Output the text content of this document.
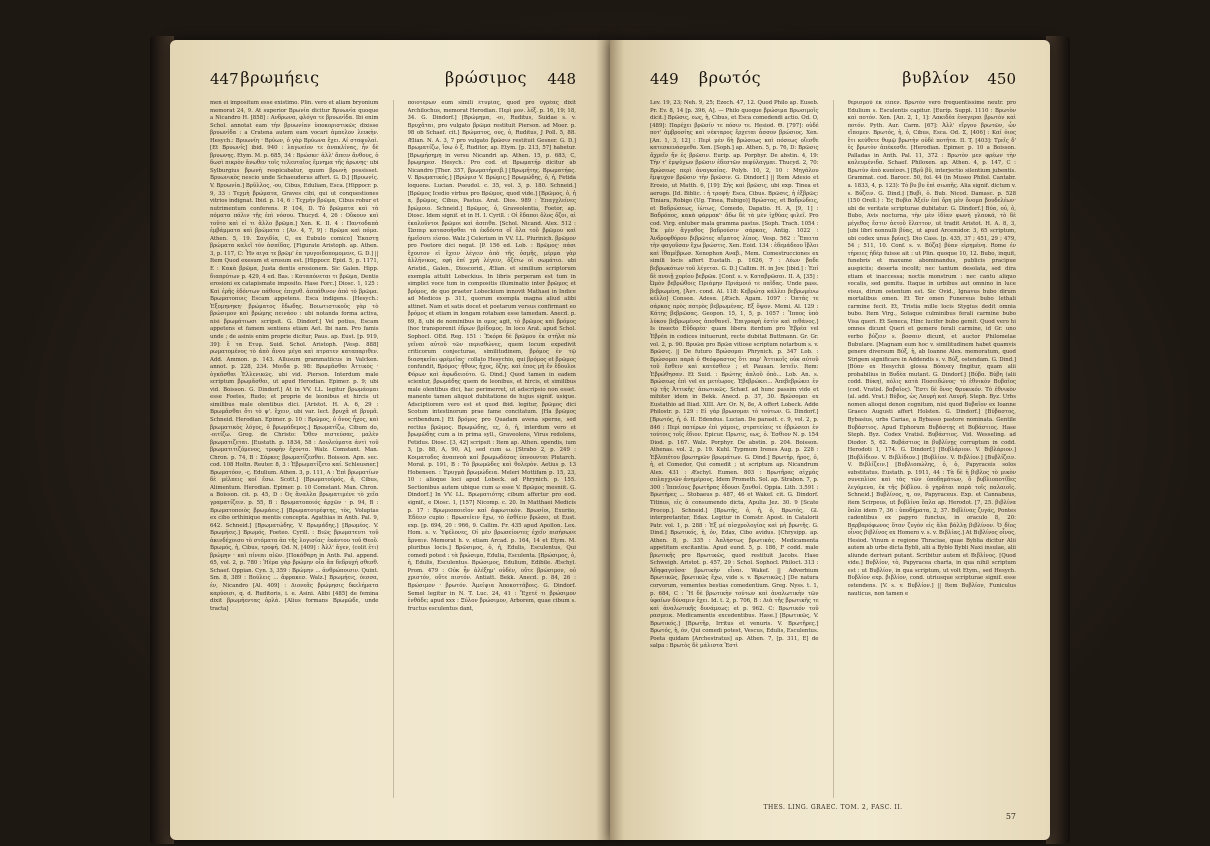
447 βρωμήεις	βρώσιμος	448

men ei impositum esse existimo. Plin. vero et aliam bryonium memorat 24, 9. At superior Βρωνία dicitur Βρυωνία quoque a Nicandro H. [858] : Ανδρωνα, φλόγα τε βρυωνίδα. Ibi enim Schol. annotat eam τὴν βρυωνίαν ὑποκοριστικῶς dixisse βρυωνίδα : a Cratena autem eam vocari ἀμπελον λευκὴν. Hesych.: Βρυωνίη · Βρύων, ὁ γὰρ Βρύωνα ἔχει. Αί σταφυλαὶ. [Et Βρυωνίς] ibid. 940 : λαγωείον τε ἀνακλίνας, ἦν δὲ βρυωνης. Etym. M. p. 685, 34 : Βρώσκε· ἀλλ' ἅπειν ἄνθους, ὁ δωσὶ πικρὸν ἄνωθεν τοῖς τελευταῖος ἔμνημα τῆς ἀρωνης· ubi Sylburgius βρωνὴ respicabatur, quum βρωνὴ possisset. Βρυωνικὸς nescio unde Schaeuderus affert. G. D.] [Βρυωνίς. V. Βρυωνία.] Βρῦλλος, -ου, Cibus, Eduliam, Esca. [Hippocr. p. 9, 33 : Τεχμὴ βρώματα, Graves cibi, qui ut conquestiones vitrios indignat. Ibid. p. 14, 6 : Τεχμὴν βρῶμα, Cibus robur et nutrimentum conferens. P. 104, D. Τὸ βρῶματα καὶ τὰ πόματα πάλιν τῆς ἐπὶ νόσου. Thucyd. 4, 26 : Οὔκουν καὶ τοῦτο καὶ εἰ τι ἄλλο βρῶμα.] Xen. K. II. 4 : Παντοδαπὰ ἐμβάμματα καὶ βρώματα : [Αν. 4, 7, 9] : Βρῶμα καὶ πόμα. Athen. 5, 19. Σαγιδία, C, ex Eubulo comico] Ἐκαστῃ βρώματα καλεῖ τὸν ἀσπίδας. [Figurate Aristoph. ap. Athen. 3, p. 117, C: Ἦν αιγα τε βρῶμ' ἐπ τρυγοιδοπομομενε, G. D.] || Item Quod exesum et erosum est. [Hippocr. Epid. 5, p. 1171, E : Κακὰ βρῶμα, Justa dentis erosionem. Sic Galen. Hipp. διαπρύτων p. 429, 4 ed. Bas. : Καταπόνεται τι βρῶμα, Dentis erosioni ex catapismate imposito. Hase Forc.] Diosc. 1, 125 : Καὶ ἑρῆς ἐδόντων πάθους ἐπιχυθ. ἀσπάθινον ἀπὸ τὸ βρῶμα. Βρωματοπυις Escam appetens. Esca indigens. [Hesych.: Ἐξομηνηκη· βρώματος ἔδωδης. Βοιωτιστικοῦς γὰρ τὸ βρώσιμον καὶ βρώμης πεινάου : ubi notanda forma activa, nisi βρωμάτιωσι scripsit. G. Dindorf.] Vel potius, Escam appetens et famem sentiens etiam Aet. Ibi nam. Pro famis unde ; de asinis enim proprie dicitur, Paus. ap. Eust. [p. 919, 39]: ἔ τα Ετυμ. Suid. Schol. Aristoph. [Vesp. 888] ρωματομένος τὸ ἀπὸ ἄνου μέγα καὶ πτρατεν καταπαριθεν. Add. Ammon. p. 143. Allusum grammatiicus in Valcken. annot. p. 228, 234. Μοιδα p. 98: Βρωμᾶσθαι Ἀττικὸς · ὀγκᾶσθαι Ἑλλενικῶς. ubi vid. Pierson. Interdum male scriptum βρωμᾶσθαι, ut apud Herodian. Epimer. p. 9; ubi vid. Boisson. G. Dindorf.] At in VV. LL. legitur βρωμάομαι esse Foetes, Rudo; et proprie de leonibus et hircis ut similibus male olentibus dici. [Aristot. H. A. 6, 29 : Βρωμᾶσθαι ὅτι τὸ ψ'. ἔχειν, ubi var. lect. βρυχᾶ et βρυμᾶ. Schneid. Herodian. Epimer. p. 10 : Βρῶμος, ὁ ὄνος ἦχος, καὶ βρωματικὸς λόγος, ὁ βρωμάδεμος.] Βρωματίζω, Cibum do, -οιτίζω. Greg. de Christo: Ὅθεν πιστεύσας, μαλὲν βρωματιζεται. [Eustath. p. 1834, 58 : Δουλεύματα ἀντὶ τοῦ βρωματιτιζόμενος, τροφὴν ἔχοντα. Walz. Comstant. Man. Chron. p. 74, B : Σάρκες βρωματίζεσθαι. Boisson. Apn. sec. cod. 108 Holtn. Reuter. 8, 3 : Ἐβρωματίζετο καί. Schleusner.] Βρωματόον, -ς. Edulium. Athen. 3, p. 111, A : Ἐπὶ βρωματίων δὲ μέλπεις κοί ἔσω. Scott.] [Βρωματούρός, ᾶ, Cibus, Alimentum. Herodian. Epimer. p. 10 Comstant. Man. Chron. a Boisson. cit. p. 45, D : Ός ἄναλλα βρωματιμένε τὸ χεῖα γραματίζειν. p. 55, B : Βρωματοποιός ἀρχῶν · p. 94, B : Βρωματοποιὸς βρωμάεις.] [Βρωματοτρέφτης, τὸς, Voluptas ex cibo orthinique mentis concepta. Agathias in Anth. Pal. 9, 642. Schneid.] [Βρωματώδης. V. Βρωμάδης.] [Βρωμέος. V. Βρωμήεις.] Βρωμός, Foeteo. Cyrill. : Βιῶς βρωματευτι τοῦ ἀκινδέχοισο τὸ στόματα ἀπ τῆς λογισίας· ἐκάντου τοῦ Θεοῦ. Βρωμός, ἡ, Cibus, τροφή. Od. N, [409] : Ἀλλ' ἄγεν, (colit ἐτι) βρώμην · καὶ πίνεαι αἰῶν. [Ποκάθαρη in Anth. Pal. append. 65, vol. 2, p. 780 : Ἠὲρα γὰρ βρώμην οἶα ἄπ δεδρυχή σθεσθ. Schaef. Oppian. Cyn. 3, 359 : Βρώμην ... ἀνθρώποισιν. Quint. Sm. 8, 389 : Βούλεις ... ἄφρακεσ. Walz.] Βρωμήεις, όεσσα, ἐν, Nicandro [Al. 409] : Διονεᾶς βρώμησις δκελήματα καρύοισι, q. d. Ruditoris, i. e. Asini. Alibi [485] de femina dixit βρωμήεντας ὀρλά. [Alius formans Βρωμῶδε, unde tracta]

ποιοτέρων eum simili ἐτυμίας, quod pro ὑγρέας dixit Archilochus, memorat Herodian. Περὶ μον. λέξ. p. 16, 19; 18, 34. G. Dindorf.] [Βρώμημα, -οι, Ruditus, Suidae s. v. Βρυχᾶται, pro vulgato βρῶμα restituit Pierson. ad Moer. p. 98 ob Schaef. cit.] Βρώματος, ους, ὁ, Ruditus, J Poll. 5, 88. Ælian. N. A. 3, 7 pro vulgato βρῶσιν restituit Gesner. G. D.] Βρωματίζω, ἴσω ὁ ξ. Ruditor, ap. Etym. [p. 213, 57] habetur. [Βρωμήσημη in versu Nicandri ap. Athen. 15, p. 683, C, βρωμηρεσ. Hesych.: Pro cod. et Βρωματήρ dicitur ab Nicandro [Ther. 357, βρωματήρειβ.] [Βρωμήτης. Βρωματήας. V. Βρωματικός.] [Βρώμισ V. Βρώμις.] Βρωμώδης, ὁ, ἡ, Fetida loquens. Lucian. Pseudol. c. 35, vol. 3, p. 180. Schneid.] [Βρῶμος Icedio virbus pro Βρῶμος, quod vide.] [Βρῶμος, ὁ, ἡ α, βρῶμος, Cibus, Pastus. Arat. Dios. 989 : Ἐπαγχλείνες βρώμοιο. Schneid.] Βρῶμος, ὁ, Graveolentia, Foetor, ap. Diosc. Idem signif. et in H. I. Cyrill. : Οἱ ἔδαποι ὅλος ὄζοι, αἱ ἐκαλοῦντοι βρῶμοι καὶ ἀσπιθα. [Schol. Nicand. Alex. 512 : Ὥσπερ κατασοῆσθαι τὰ ἐκδόντα οἵ ὅλα τοῦ βρῶμου καὶ ἡμεῖσοτι εἰσαο. Walz.] Celerium in VV. LL. Plurinich. βρῶμον pro Foetore dici negat. [P. 156 ed. Lob. : Βρῶμος· πάσι ἔχουτον εἰ ἔχειν λέγειν ἀπὸ τῆς ὀσμῆς, μέρμα γὰρ ἀλλήνικος, εφή ἐπί χρὴ λέγειν, ὄζέτω οἱ σωμάτιο. ubi Aristid., Galen., Dioscorid., Ælian. et similium scriptorum exempla attulit Lobeckius. In libris perperam est tum in simplici voce tum in compositis illuminatio inter βρῶμος et βρόμος, de quo praeter Lobeckium innovit Mathaei in Indice ad Medicos p. 311, quorum exempla magna aliud alibi attinet. Nam et satis docet et poetarum versus confirmant eo βρόμος et etiam in longam rotabam esse tamedam. Anecd. p. 69, 8, ubi de nominibus in ομος agit, τὸ βρῶμος καὶ βρόμος (hoc transporenit ἐδρων βρίδομος. In loco Arat. apud Schol. Sophocl. OEd. Reg. 151 : Ἐκόρα δὲ βρῶμου ἐκ στήλα πὼ γεῖναι αὐτοῦ τῶν περισθώνες, quem locum expedivit criticorum conjecturae, similitudinem, βρόμος ἐν τῷ διασηκεῖαι φρέμεῖας· collato Hesychio, qui βρόμος et βρῶμος confundit, Βρόμος· ἦθους ἦχος, ὄζης. καὶ ἐπος μὴ ἔν ἔδουλοι Φόρων καὶ ἀφωδειούτο. G. Dind.] Quod tamen in eadem scientur, βρωμάδης quem de leonibus, et hircis, et similibus male olentibus dici, hac perimerret, ut adscripsio non esset. manente tamen aliquot dubitatione de hujus signif. usique. Adsciptiorem vero est et quod ibid. legitur, βρῶμος dici Scotum intestinorum prae fame concitatum. [Ha βρῶμος scribendum.] Et βρόμος pro Quadam avena sperne, sed rectius βρῶμος. Βρωμώδης, ες, ὁ, ἡ, interdum vero et βρωμῶδης cum a in prima syll., Graveolens, Virus redolens, Fetidus. Diosc. [3, 42] scripsit : Item ap. Athen. opendis, ium 3, [p. 88, A, 90, A], sed cum ω. [Strabo 2, p. 249 : Κοιματοδες ἀναπνοὰ καί βρωμωδέσας ὑπνουνται Plutarch. Moral. p. 191, B : Τὸ βρωμῶδες καὶ θολερὸν. Aetius p. 13 Hobensen. : Ἐρυγμὰ βρωμώδεια. Meleri Mottifam p. 15, 23, 10 : alioque loci apud Lobeck. ad Phrynich. p. 155. Sectionibus autem ubique cum ω esse V. Βρῶμος mesniit. G. Dindorf.] In VV. LL. Βρωματιότης cibum affertur pro eod. signif., e Diosc. 1, [157] Nicomp. c. 20. In Matthaei Medicis p. 17 : Βρωμιοποιεῖον καί ἀφρωτικὸν. Βρωσίοι, Exuriio, Ἐδέειν cupio : Βρωσείειν ἔχω, τὸ ἐσθίειν βρώσει, ut Eust. exp. [p. 694, 20 : 966, 9. Callim. Fr. 435 apud Apollon. Lex. Hom. s. v. Ὑφέλονες, Οἱ μὲν βρωσείοντες ἐχεῖν πισήσωνε ἄρναιν. Memorat h. v. etiam Arcad. p. 164, 14 et Etym. M. pluribus locis.] Βρῶσιμος, ὁ, ἡ, Edulis, Esculentus, Qui comedi potest : τὰ βρώσιμα, Edulia, Esculenta. [Βρώσιμος, ὁ, ἡ, Edulis, Esculentus. Βρώσιμος, Edulium, Edibile. Æschyl. Prom. 479 : Οὐκ ἦν ἀλέξημ' οὐδὲν, οὔτε βρώσιμον, οὐ χριστόν, οὔτε πιστόν. Antiatt. Bekk. Anecd. p. 84, 26 : Βρώσιμον · βρωτόν. Ἀμείψια Ἀποκοττάβοις. G. Dindorf. Semel legitur in N. T. Luc. 24, 41 : Ἔχετέ τι βρώσιμον ἐνθάδε; apud xxx : Ξύλον βρώσιμον, Arborem, quae cibum s. fructus esculentus dant,

449	βρωτός	βυβλίον	450

Lev. 19, 23; Neh. 9, 25; Ezech. 47, 12. Quod Philo ap. Euseb. Pr. Ev. 8, 14 [p. 396, A]. — Philo quoque βρώσιμα Βρωσιμοῖς dicit.] Βρῶσις, εως, ἡ, Cibus, et Esca comedendi actio. Od. O, [489]: Παρέχει βρῶσίν τε πόσιν τε. Hesiod. Θ. [797]: οὐδέ ποτ' ἀμβροσίης καὶ νέκταρος ἔρχεται ἆσσον βρώσιος. Xen. [Απ. 1, 3, 12] : Περὶ μὲν δὴ βρώσεως καὶ πόσεως οἴεσθε κατεσκευάσμεθα. Xen. [Soph.] ap. Athen. 5, p. 76, D: Βρῶσις ἄχρεῖν ἤν ἐς βρῶσιν. Eurip. ap. Porphyr. De abstin. 4, 19: Τὴν τ' ἐμψύχων βρῶσιν ἐδεστῶν πεφύλαγμαι. Thucyd. 2, 70: Βρώσεως περὶ ἀναγκαίας. Polyb. 10, 2, 10 : Μηγάλου ἔμψυχον βρῶσιν τὴν βρῶσιν. G. Dindorf.] || Item Adesio et Erosio, ut Matth. 6, [19]: Σὴς καὶ βρῶσις, ubi exp. Tinea et aerugo. [Id. Biblic. : ἡ τροφή· Esca, Cibus. Βρῶσις, ἡ ἐξβρῶς: Tiniara, Robigo (Ug. Tinea, Rubigo)] Βρώστας, et Βαδρώδεις, et Βαδρώσεως, ἰὼτως, Comedo, Dapatio. H. A, [9, 1] : Βαδρόπος, κακὰ φάρμακ'· ἄδω δὲ τὰ μὲν ἰχθύας φιλεῖ. Pro cod. Virg. enluber mala gramma pastus. [Soph. Trach. 1054 : Ἐκ μὲν ἄγγαθος βαδρούσιν σάρκας, Antig. 1022 : Ἀνδροφθόρου βιβρῶτες αἵματος λίπος. Vesp. 562 : Ἔπειτα τὴν φαγοῦσαν ἔχω βρώστις. Xen. Eoid. 134 : ἐδεμάδεου ἴβλοι καὶ ἴθαμέβρωσ. Xenophon Αναβ., Mem. Comestrucciones ex simili locis affert Eustath. p. 1626, 7 : Λέων βαδε βεβρωκότων τοῦ λέγεται. G. D.] Callim. H. in Jov. [ibid.] : Ἑπί δὲ πνοιῇ χορίου βεβρῶκ. [Conf. s. v. Καταβρῶσαι. II. A, [35] : Ὠμὸν βεβρώθοις Πριάμην Πριάμοιό τε παῖδας. Unde pass. βεβρωμένη, [Ἀντ. cond. Al. 118: Κεβρώτᾳ κάλλει βεβρωμένω κέλλο] Conseα. Adesα. [Æsch. Agam. 1097 : Ὀπτάς τε σάρκας πρὸς πατρὸς βεβρωμένας. Εξ ὄψον. Memi. Al. 129 : Κάτης βεβρῶσας. Geopon. 15, 1, 5, p. 1057 : Ἵππος ὑπὸ λύκου βεβρωμένος ἀποθανεῖ. Ἐπιγραφὴ ἐστὶν καὶ πιθάνος.] Is insecto Eὔδορέα· quam libera iterdum pro Ἐβρέα vel Ἑβρέα in codices inituerunt, recte dubitat Buttmann. Gr. Gr. vol. 2, p. 90. Βρυῶα pro Βρῶα vitiose scriptum notarbum s. v. Βρῶσις. || De futuro Βρώσομαι Phrynich. p. 347 Lob. : Βρώσομαι παρὰ ὁ Θεόφραστος ὅτι παρ' Ἀττικοῖς οὐκ αὐτοῦ τοῦ ἔσθειν καὶ κατέσθειν ; et Pausan. Ιστεῖν. Item: Ἐβρώθησαν. Et Suid. : Βρώτης ἀπλοῦ ὁπὸ... Lob. An. s. Βρώσεως ἐπὶ vel ex μετέωρος. Ἐβεβρώκει... Ἀπεβεβρώκει ἐν τῷ τῆς Ἀττικῆς· ἀπωτικῶς. Schæf. ad hunc passim vide et mihiter idem in Bekk. Anecd. p. 37, 30. Βρώσομαι ex Eustathio ad Iliad. XIII. Arr. Or. Ν, 8e, Α offert Lobeck. Adde Philostr. p. 129 : Εἰ γὰρ βρωσομαι τὸ τούτων. G. Dindorf.] [Βρωτός, ἡ, ό. II. Edendus. Lucian. De parasit. c. 9, vol. 2, p. 846 : Περὶ πατέρων ἐπὶ γάμοις, στρατείαις τε ἐβρώσεσι ἐν τούτοις τοῖς ἔδιον. Epicur. Πρωτις, εως, ὁ. Έσθιον Ν. p. 154 Diod. p. 167. Walz. Porphyr. De abstin. p. 204. Boisson. Athenas. vol. 2, p. 19. Kuhl. Typmum Irenes Aug. p. 228 : Ἐβλεπέτου βρωτηρῶν βρωμάτων. G. Dind.] Βρωτήρ, ῆρος, ὁ, ἡ, et Comedor, Qui comedit ; ut scriptum ap. Nicandrum Alex. 431 : Æschyl. Eumen. 803 : Βρωτῆρας αἰχμὰς σπλαγχνῶν ἀνημέρους. Idem Prometh. Sol. ap. Strabon. 7, p. 300 : Ἱππείους βρωτῆρας ἔδουσι ξανθοί. Oppia. Lith. 3.591 : Βρωτήρες ... Stobaeus p. 487, 46 et Wakef. cit. G. Dindorf. Titinus, εἰς ἀ consumendo dicta, Apulia Jez. 30. 9 [Scate Procop.]. Schneid.] [Βρωτής, ὁ, ἡ, ὁ, Βρωτός, Gl. interpretantur, Edax. Legitur in Comstr. Apost. in Catalorii Patr. vol. 1, p. 288 : Ἐξ μέ αἰσχρολογίας καὶ μὴ βρωτῆς. G. Dind.] Βρωτικός, ἡ, ὁν, Edax, Cibo avidus. [Chrysipp. ap. Athen. 8, p. 335 : Ἀπλήστως βρωτικάς. Medicamenta appetitum excitantia. Apud eund. 5, p. 186, F codd. male βρωτικῆς pro Βρωτικῶς, quod restituit Jacobs. Hase Schweigh. Aristot. p. 457, 29 : Schol. Sophocl. Philoct. 313 : Ἀδηφαγοῦσα· βρωτικὴν εἶναι. Wakef. || Adverbium Βρωτικῶς, βρωτικῶς ἔχω, vide s. v. Βρωτικῶς.] [De natura corvorum, vementes bestias comedentium. Greg. Nyss. t. 1, p. 684, C : Ἢ δὲ βρωτικὴν τούτων καὶ ἀναλωτικὴν τῶν ὑφαίων δύναμιν ἔχει. Id. t. 2, p. 706, B : Διὰ τῆς βρωτικῆς τε καὶ ἀναλωτικῆς δυνάμεως; et p. 962. C: Βρωτικόν τοῦ ρασμεικ. Medicamentis excedentibus. Hase.] [Βρωτικῶς, V. Βρωτικός.] [Βρωτῆρ, Irritus et venuris. V. Βρωτῆρες.] Βρωτός, ἡ, όν, Qui comedi potest, Vescus, Edulis, Esculentus. Poeta quidam [Archestratus] ap. Athen. 7, [p. 311, E] de salpa : Βρωτὸς δὲ μάλιστα Ἐστὶ

θερισμοῦ ἐκ εἶπεν. Βρωτὸν vero frequentissime neutr. pro Edulium s. Esculentis capitur. [Eurip. Suppl. 1110 : Βρωτὸν καὶ ποτόν. Xen. [Απ. 2, 1, 1]: Λακιδέα ἐναγεραι βρωτὸν καὶ ποτόν. Pyth. Aur. Carm. [67]: Ἀλλ' εἴργου βρωτῶν, ὧν εἴπομεν. Βρωτός, ἡ, ὁ, Cibus, Esca. Od. Σ, [406] : Καί ὀιος ἔτι κεύθετε θυμῷ βρωτὴν οὐδὲ ποτῆτα. II. T, [403]: Τρεῖς δ' ἐς βρωτὸν ἀπέκεσθε. [Herodian. Epimer. p. 10 a Boisson. Palladas in Anth. Pal. 11, 372 : Βρωτὸν μεν φρέων τὴν καλευμένιδα. Schaef. Philoxen. ap. Athen. 4, p. 147, C : Βρωτὺν ἀπὸ κυπέσσι.] [Βρῦ βῦ, interjectio silentium jubentis. Grammat. cod. Barocc. 50, fol. 44 (in Museo Philol. Cantabr. a. 1833, 4, p. 123): Τὸ βυ βυ ἐπὶ σιωπῆς. Alia signif. dictum v. s. Βύζειν. G. Dind.] [Βυβὶ, ὁ. Bub. Nicod. Damasc. p. 528 (150 Orell.) : Ἐς Βυβὶα Ἀξεῖν ἐπὶ ὄρη μὲν ὄνομα βουδελέων· ubi de veritate scripturae dubitatur. G. Dindorf.] Βύα, οὐ, ὁ, Bubo, Avis nocturna, τὴν μὲν ἰδίαν φωνὴ γλαυκά, τὸ δὲ μέγεθος ἔστιν ἀετοῦ ἔλαττον, ut tradit Aristot. H. A. 8, 3, [ubi libri nonnulli βύας, ut apud Arcemidor. 3, 65 scriptum, ubi codex unus βρίας]. Dio Cass. [p. 435, 37 ; 451, 29 ; 479, 54 ; 511, 10. Conf. s. v. Βύζα] βύαν εἰρημένη. Rome ἐν τήρειες ἡδέρ fuisse ait : ut Plin. quoque 10, 12. Bubo, inquit, funebris et maxume abominandus, publicis pracipue auspiciis; deserta incolit; nec tantum desolata, sed dira etiam et inaccessa; noctis monstrum : nec cantu aliquo vocalis, sed gemitu. Itaque in urbibus aut omnino in luce visus, dirum ostentum est. Sic Ovid., Ignavus bubo dirum mortalibus omen. Et Ter omen Funereus bubo lethali carmine fecit. Et, Tristia mille locis Stygius dedit omnia bubo. Item Virg., Solaque culminibus ferali carmine bubo Visa queri. Et Seneca, Hinc lucifer bubo gemit. Quod vero hi omnes dicunt Queri et gemere ferali carmine, id Gr. uno verbo βύζειν s. βοσαιν dicunt, et auctor Philomelae Bubulare. [Magnam eum hoc v. similitudinem habet quamvis genere diversum Βύξ, ἡ, ab Ioanne Alex. memoratum, quod Strigem significare in Addendis s. v. Βύξ, ostendam. G. Dind.] [Βύαν ex Hesychii glossa Βόαναγ fingitur, quam alii probabilius in Βυδὲα mutant. G. Dindorf.] [Βύβα. Βύβη (alii codd. Βύκη), πόλις κατὰ Ποσειδώνος· τὸ ἐθνικὸν Βυβαῖος (cod. Vratisl. βαβαῖος). Ἔστι δὲ ὄνος Φρυκικόν. Τὸ ἐθνικὸν (al. add. Vrat.) Βύβος, ὡς Λαυρή καὶ Λαυρῆ. Steph. Byz. Urbs nomen alioqui denon cognitum, nisi quod Βυβαῖον ex Ioanne Graeco Augusti affert Holsten. G. Dindorf.] [Βύβαστος, Bybasius, urbs Cariae, a Bybasso pastore nominata. Gentile Βυβάστιος. Apud Ephorum Βυβάστης et Βυβάστιος. Hase Steph. Byz. Codex Vratisl. Βυβάστιος. Vid. Wesseling. ad Diodor. 5, 62. Βυβάστιος in βυβλίνῃς corruptum in codd. Herodoti 1, 174. G. Dindorf.] [Βυβλάριον. V. Βιβλάριον.] [Βυβλίδιον. V. Βιβλίδιον.] [Βυβλίον. V. Βιβλίον.] [Βυβλίζειν. V. Βιβλίζειν.] [Βυβλιοπώλης, ὁ, ὁ, Papyraceis solos substitatus. Eustath. p. 1911, 44 : Τὰ δὲ ἡ βιβλος τὸ μικὸν συνεπλὶσε καὶ τὰς τῶν ὑποδημάτων, ὅ βυβλιοποτίδες λεγόμενα, ἐκ τῆς βύβλου. ὁ γηρᾶται παρὰ τοῖς παλαιοῖς. Schneid.] Βυβλίνος, η, ον, Papyraceus. Exp. et Cannabeus, item Scirpeus, ut βυβλίνα ὅπλα ap. Herodot. [7, 25. βιβλίνα ὕπλα idem 7, 36 : ὑποδήματα, 2, 37. Βιβλίνας ζυγάς, Pontes cadentibus ex papyro functus, in oraculo 8, 20: Βαρβαρόφωνος ὅταν ζυγὸν εἰς ἅλα βάλλῃ βιβλίνον. Ὁ δῖος οἶνος βιβλίνος ex Homerο v. s. v. Βιβλίας.] At Βιβλίνος οἶνος, Hesiod. Vinum e regione Thraciae, quae Byblia dicitur Alii autem ab urbe dicta Bybli, alii a Byblo Bybli Naxi insulae, alii aliunde derivari putant. Scribitur autem et Βιβλίνος. [Quod vide.] Βυβλίον, τὸ, Papyracea charta, in qua nihil scriptum est : ut Βυβλίον, in qua scriptum, ut volt Etym., sed Hesych. Βυβλίον exp. βιβλίον, cond. utriusque scripturae signif. esse ostendens. [V. s. v. Βυβλίον.] || Item Βυβλίον, Funiculus nauticus, non tamen e

THES. LING. GRAEC. TOM. 2, FASC. II.
57
